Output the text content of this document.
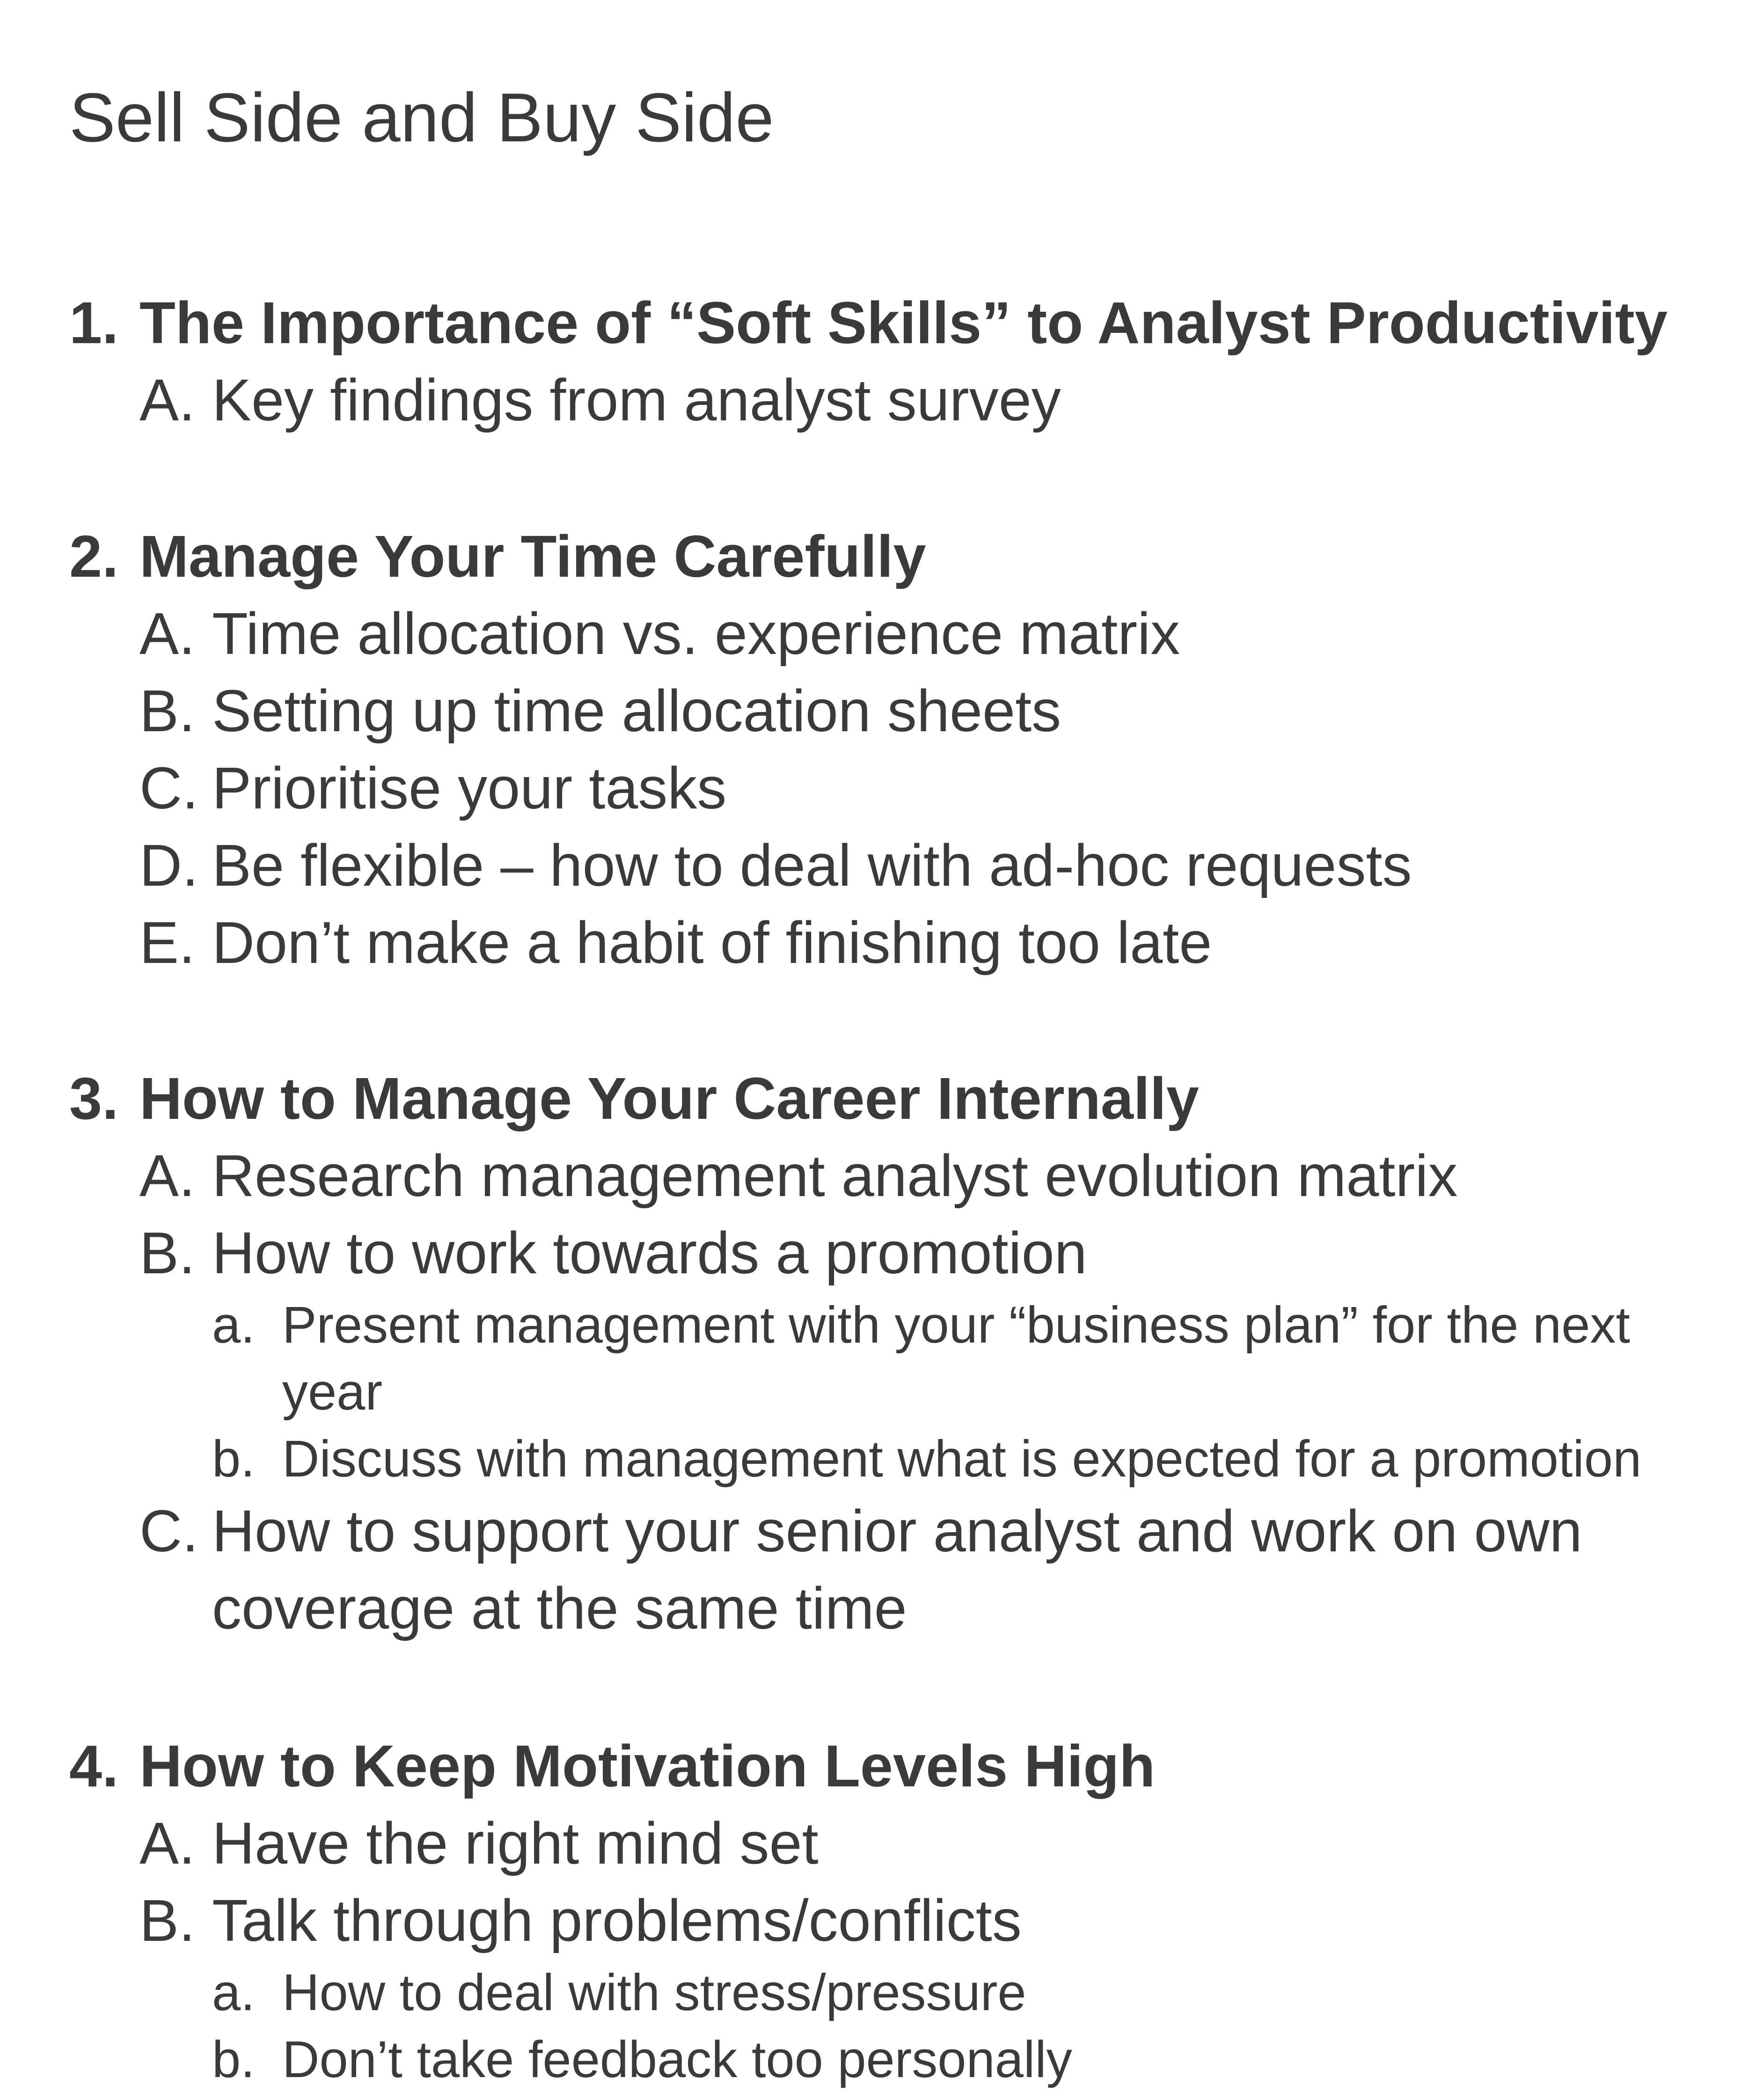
Sell Side and Buy Side
1. The Importance of “Soft Skills” to Analyst Productivity
A. Key findings from analyst survey
2. Manage Your Time Carefully
A. Time allocation vs. experience matrix
B. Setting up time allocation sheets
C. Prioritise your tasks
D. Be flexible – how to deal with ad-hoc requests
E. Don’t make a habit of finishing too late
3. How to Manage Your Career Internally
A. Research management analyst evolution matrix
B. How to work towards a promotion
a. Present management with your “business plan” for the next
year
b. Discuss with management what is expected for a promotion
C. How to support your senior analyst and work on own
coverage at the same time
4. How to Keep Motivation Levels High
A. Have the right mind set
B. Talk through problems/conflicts
a. How to deal with stress/pressure
b. Don’t take feedback too personally
